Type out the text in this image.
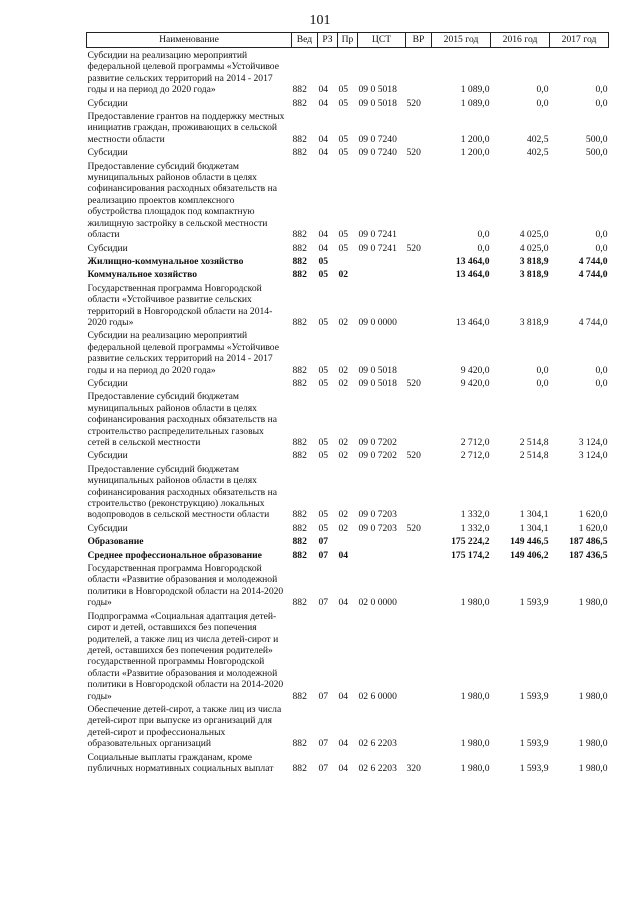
101
Наименование	Вед	РЗ	Пр	ЦСТ	ВР	2015 год	2016 год	2017 год
Субсидии на реализацию мероприятий федеральной целевой программы «Устойчивое развитие сельских территорий на 2014 - 2017 годы и на период до 2020 года»	882	04	05	09 0 5018		1 089,0	0,0	0,0
Субсидии	882	04	05	09 0 5018	520	1 089,0	0,0	0,0
Предоставление грантов на поддержку местных инициатив граждан, проживающих в сельской местности области	882	04	05	09 0 7240		1 200,0	402,5	500,0
Субсидии	882	04	05	09 0 7240	520	1 200,0	402,5	500,0
Предоставление субсидий бюджетам муниципальных районов области в целях софинансирования расходных обязательств на реализацию проектов комплексного обустройства площадок под компактную жилищную застройку в сельской местности области	882	04	05	09 0 7241		0,0	4 025,0	0,0
Субсидии	882	04	05	09 0 7241	520	0,0	4 025,0	0,0
Жилищно-коммунальное хозяйство	882	05				13 464,0	3 818,9	4 744,0
Коммунальное хозяйство	882	05	02			13 464,0	3 818,9	4 744,0
Государственная программа Новгородской области «Устойчивое развитие сельских территорий в Новгородской области на 2014-2020 годы»	882	05	02	09 0 0000		13 464,0	3 818,9	4 744,0
Субсидии на реализацию мероприятий федеральной целевой программы «Устойчивое развитие сельских территорий на 2014 - 2017 годы и на период до 2020 года»	882	05	02	09 0 5018		9 420,0	0,0	0,0
Субсидии	882	05	02	09 0 5018	520	9 420,0	0,0	0,0
Предоставление субсидий бюджетам муниципальных районов области в целях софинансирования расходных обязательств на строительство распределительных газовых сетей в сельской местности	882	05	02	09 0 7202		2 712,0	2 514,8	3 124,0
Субсидии	882	05	02	09 0 7202	520	2 712,0	2 514,8	3 124,0
Предоставление субсидий бюджетам муниципальных районов области в целях софинансирования расходных обязательств на строительство (реконструкцию) локальных водопроводов в сельской местности области	882	05	02	09 0 7203		1 332,0	1 304,1	1 620,0
Субсидии	882	05	02	09 0 7203	520	1 332,0	1 304,1	1 620,0
Образование	882	07				175 224,2	149 446,5	187 486,5
Среднее профессиональное образование	882	07	04			175 174,2	149 406,2	187 436,5
Государственная программа Новгородской области «Развитие образования и молодежной политики в Новгородской области на 2014-2020 годы»	882	07	04	02 0 0000		1 980,0	1 593,9	1 980,0
Подпрограмма «Социальная адаптация детей-сирот и детей, оставшихся без попечения родителей, а также лиц из числа детей-сирот и детей, оставшихся без попечения родителей» государственной программы Новгородской области «Развитие образования и молодежной политики в Новгородской области на 2014-2020 годы»	882	07	04	02 6 0000		1 980,0	1 593,9	1 980,0
Обеспечение детей-сирот, а также лиц из числа детей-сирот при выпуске из организаций для детей-сирот и профессиональных образовательных организаций	882	07	04	02 6 2203		1 980,0	1 593,9	1 980,0
Социальные выплаты гражданам, кроме публичных нормативных социальных выплат	882	07	04	02 6 2203	320	1 980,0	1 593,9	1 980,0
